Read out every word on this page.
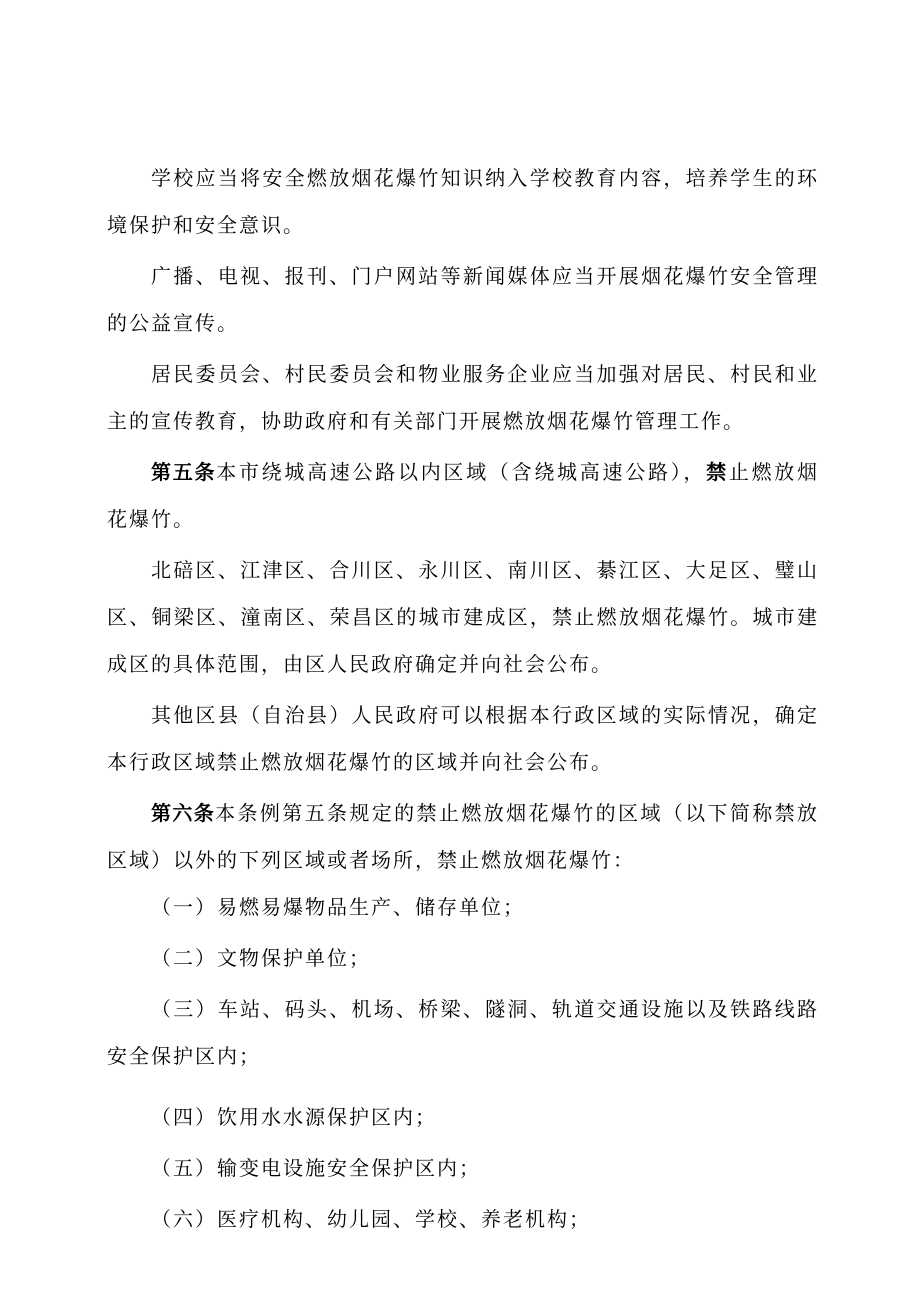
学校应当将安全燃放烟花爆竹知识纳入学校教育内容，培养学生的环境保护和安全意识。

广播、电视、报刊、门户网站等新闻媒体应当开展烟花爆竹安全管理的公益宣传。

居民委员会、村民委员会和物业服务企业应当加强对居民、村民和业主的宣传教育，协助政府和有关部门开展燃放烟花爆竹管理工作。

第五条本市绕城高速公路以内区域（含绕城高速公路），禁止燃放烟花爆竹。

北碚区、江津区、合川区、永川区、南川区、綦江区、大足区、璧山区、铜梁区、潼南区、荣昌区的城市建成区，禁止燃放烟花爆竹。城市建成区的具体范围，由区人民政府确定并向社会公布。

其他区县（自治县）人民政府可以根据本行政区域的实际情况，确定本行政区域禁止燃放烟花爆竹的区域并向社会公布。

第六条本条例第五条规定的禁止燃放烟花爆竹的区域（以下简称禁放区域）以外的下列区域或者场所，禁止燃放烟花爆竹：

（一）易燃易爆物品生产、储存单位；

（二）文物保护单位；

（三）车站、码头、机场、桥梁、隧洞、轨道交通设施以及铁路线路安全保护区内；

（四）饮用水水源保护区内；

（五）输变电设施安全保护区内；

（六）医疗机构、幼儿园、学校、养老机构；
